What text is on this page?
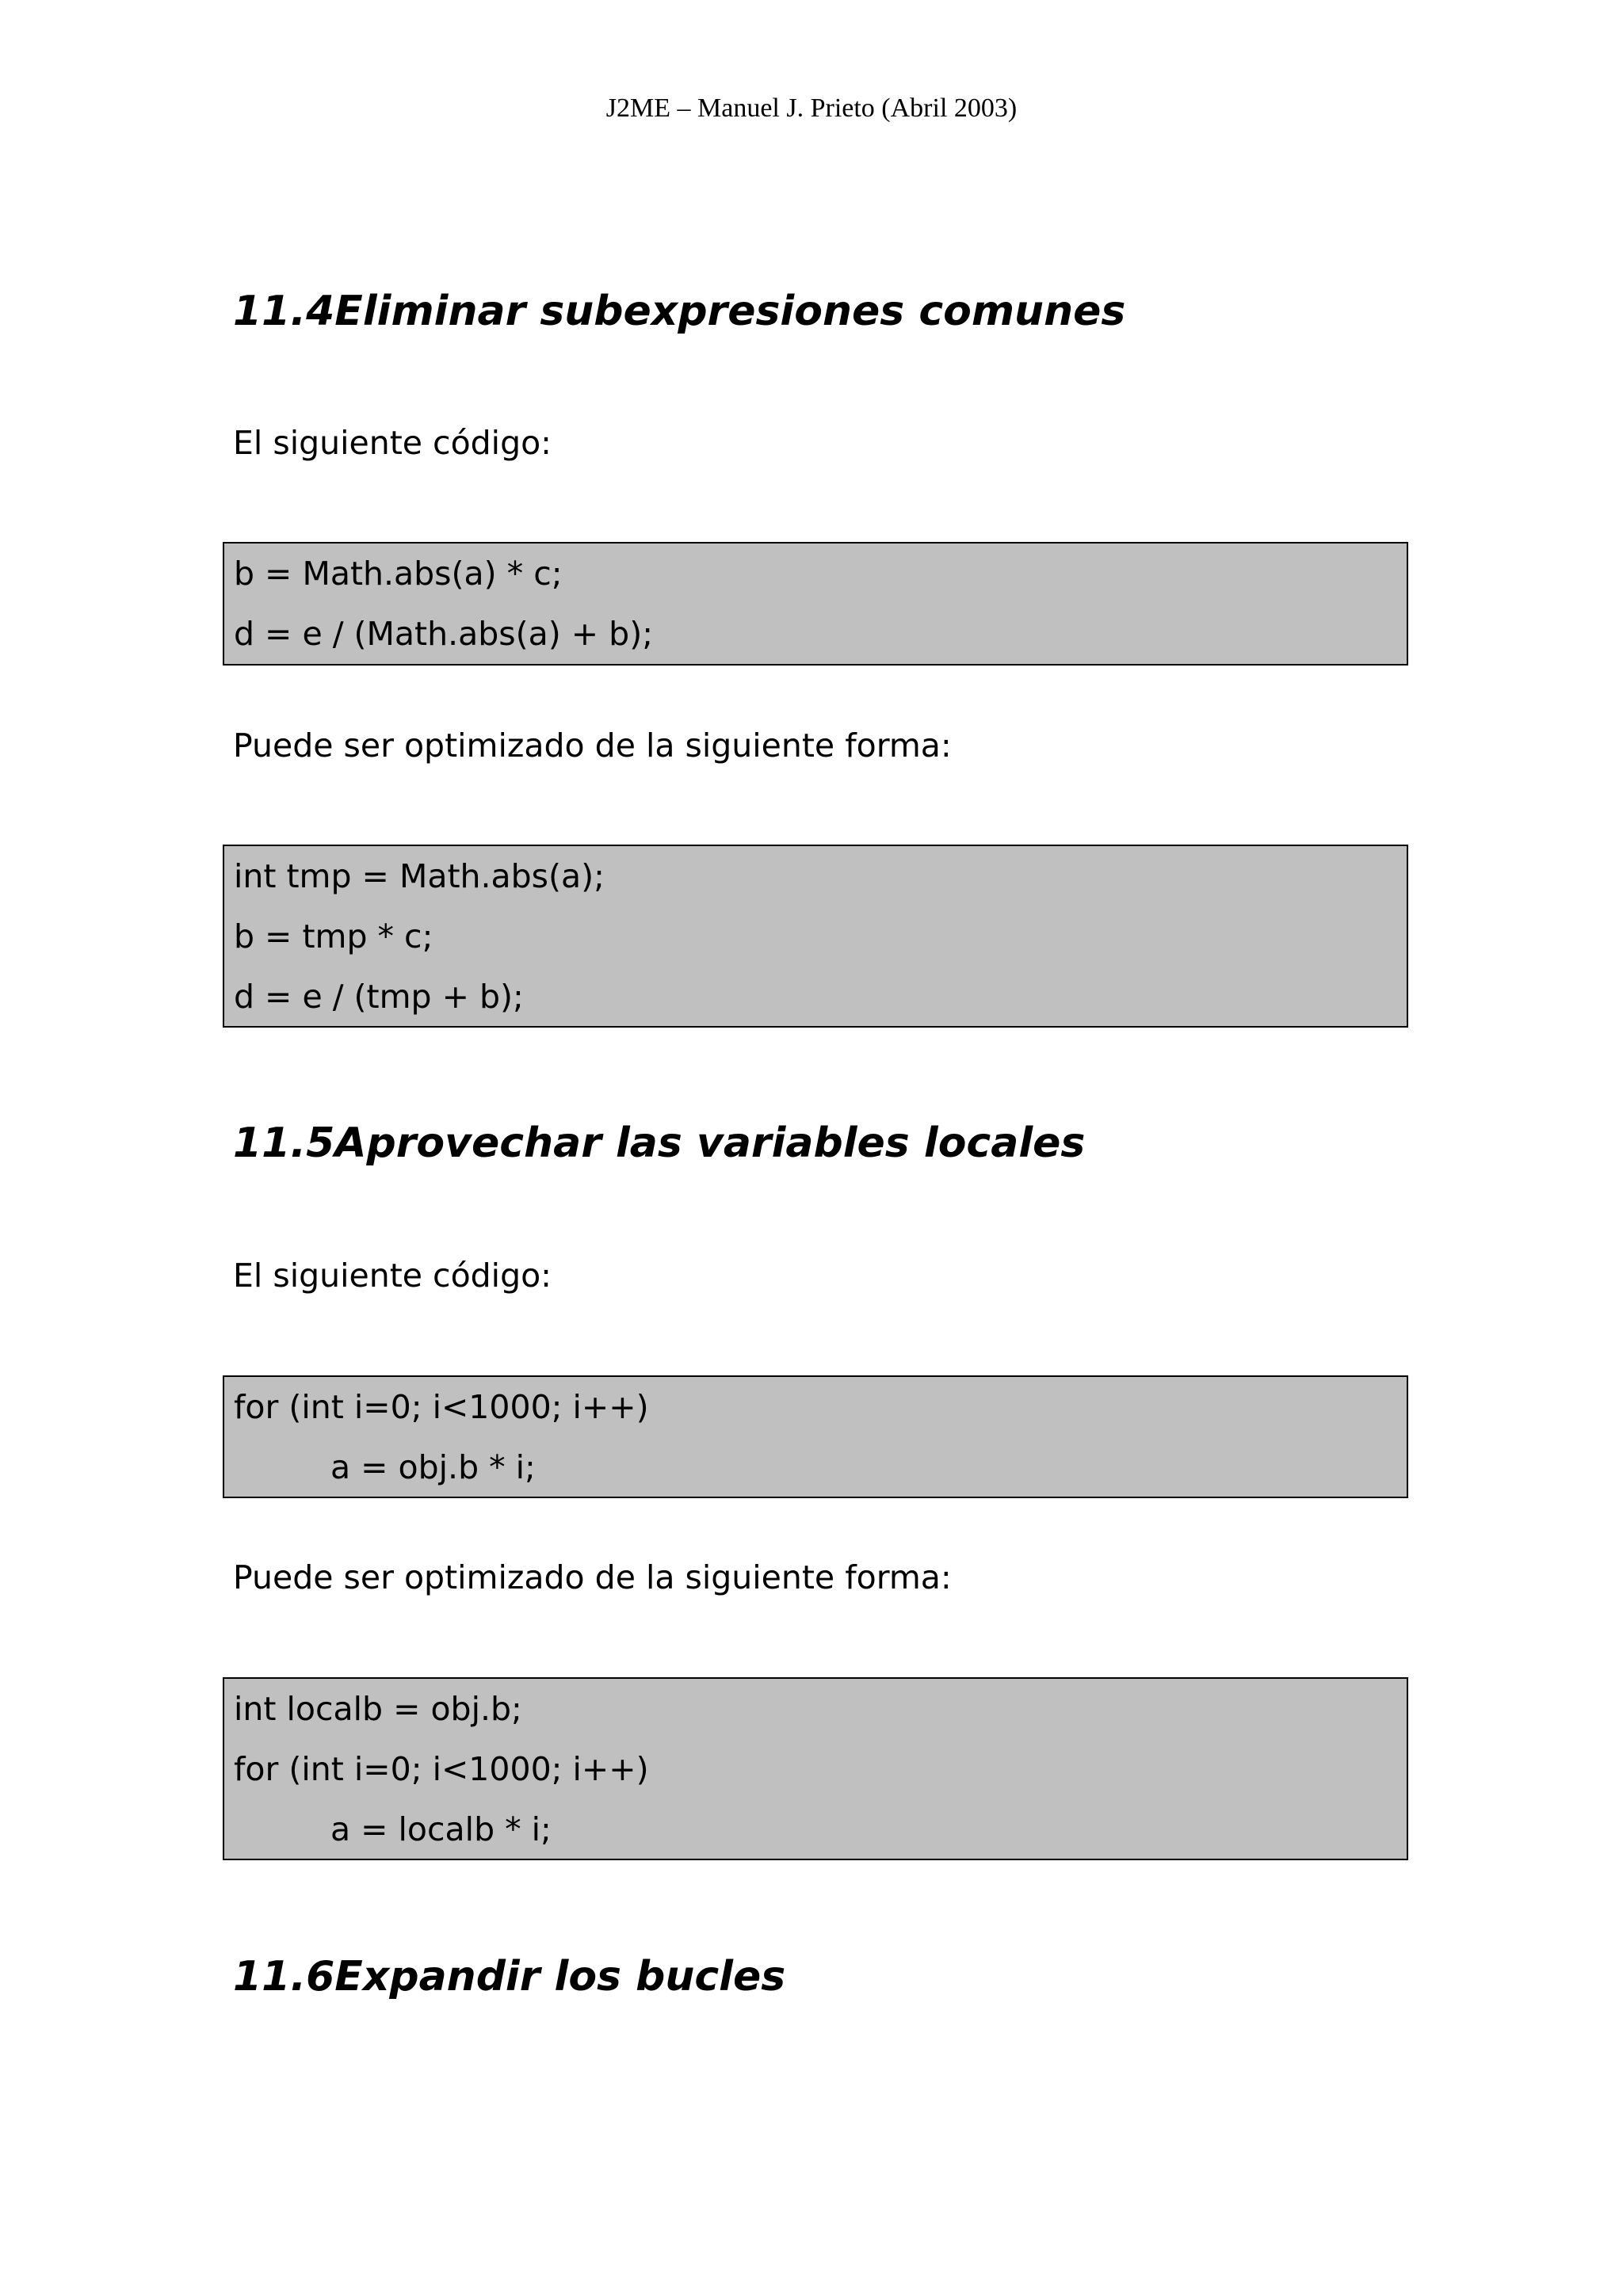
J2ME – Manuel J. Prieto (Abril 2003)
11.4Eliminar subexpresiones comunes

El siguiente código:

b = Math.abs(a) * c;
d = e / (Math.abs(a) + b);

Puede ser optimizado de la siguiente forma:

int tmp = Math.abs(a);
b = tmp * c;
d = e / (tmp + b);
11.5Aprovechar las variables locales

El siguiente código:

for (int i=0; i<1000; i++)
a = obj.b * i;

Puede ser optimizado de la siguiente forma:

int localb = obj.b;
for (int i=0; i<1000; i++)
a = localb * i;
11.6Expandir los bucles
